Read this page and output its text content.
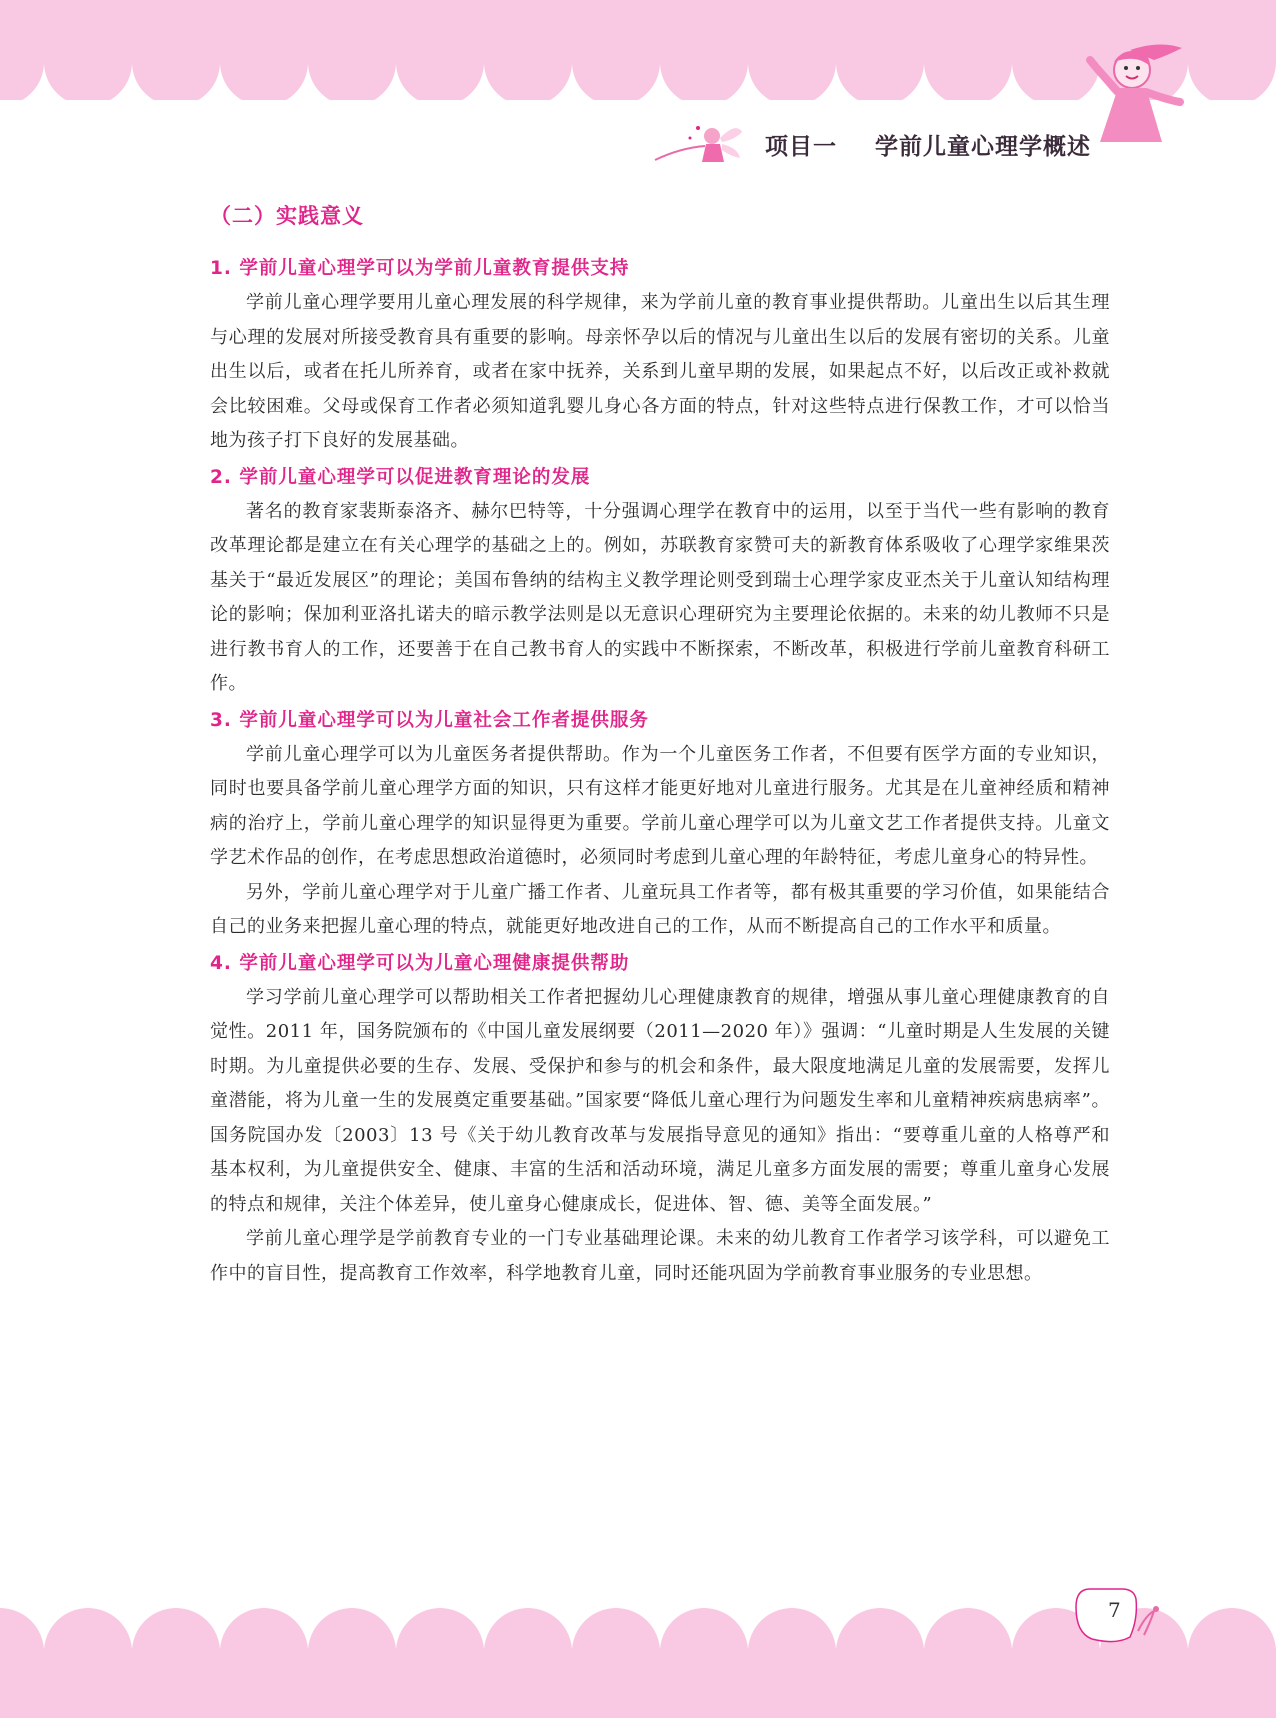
项目一 学前儿童心理学概述
（二）实践意义
1. 学前儿童心理学可以为学前儿童教育提供支持

学前儿童心理学要用儿童心理发展的科学规律，来为学前儿童的教育事业提供帮助。儿童出生以后其生理与心理的发展对所接受教育具有重要的影响。母亲怀孕以后的情况与儿童出生以后的发展有密切的关系。儿童出生以后，或者在托儿所养育，或者在家中抚养，关系到儿童早期的发展，如果起点不好，以后改正或补救就会比较困难。父母或保育工作者必须知道乳婴儿身心各方面的特点，针对这些特点进行保教工作，才可以恰当地为孩子打下良好的发展基础。

2. 学前儿童心理学可以促进教育理论的发展

著名的教育家裴斯泰洛齐、赫尔巴特等，十分强调心理学在教育中的运用，以至于当代一些有影响的教育改革理论都是建立在有关心理学的基础之上的。例如，苏联教育家赞可夫的新教育体系吸收了心理学家维果茨基关于“最近发展区”的理论；美国布鲁纳的结构主义教学理论则受到瑞士心理学家皮亚杰关于儿童认知结构理论的影响；保加利亚洛扎诺夫的暗示教学法则是以无意识心理研究为主要理论依据的。未来的幼儿教师不只是进行教书育人的工作，还要善于在自己教书育人的实践中不断探索，不断改革，积极进行学前儿童教育科研工作。

3. 学前儿童心理学可以为儿童社会工作者提供服务

学前儿童心理学可以为儿童医务者提供帮助。作为一个儿童医务工作者，不但要有医学方面的专业知识，同时也要具备学前儿童心理学方面的知识，只有这样才能更好地对儿童进行服务。尤其是在儿童神经质和精神病的治疗上，学前儿童心理学的知识显得更为重要。学前儿童心理学可以为儿童文艺工作者提供支持。儿童文学艺术作品的创作，在考虑思想政治道德时，必须同时考虑到儿童心理的年龄特征，考虑儿童身心的特异性。

另外，学前儿童心理学对于儿童广播工作者、儿童玩具工作者等，都有极其重要的学习价值，如果能结合自己的业务来把握儿童心理的特点，就能更好地改进自己的工作，从而不断提高自己的工作水平和质量。

4. 学前儿童心理学可以为儿童心理健康提供帮助

学习学前儿童心理学可以帮助相关工作者把握幼儿心理健康教育的规律，增强从事儿童心理健康教育的自觉性。2011 年，国务院颁布的《中国儿童发展纲要（2011—2020 年）》强调：“儿童时期是人生发展的关键时期。为儿童提供必要的生存、发展、受保护和参与的机会和条件，最大限度地满足儿童的发展需要，发挥儿童潜能，将为儿童一生的发展奠定重要基础。”国家要“降低儿童心理行为问题发生率和儿童精神疾病患病率”。国务院国办发〔2003〕13 号《关于幼儿教育改革与发展指导意见的通知》指出：“要尊重儿童的人格尊严和基本权利，为儿童提供安全、健康、丰富的生活和活动环境，满足儿童多方面发展的需要；尊重儿童身心发展的特点和规律，关注个体差异，使儿童身心健康成长，促进体、智、德、美等全面发展。”

学前儿童心理学是学前教育专业的一门专业基础理论课。未来的幼儿教育工作者学习该学科，可以避免工作中的盲目性，提高教育工作效率，科学地教育儿童，同时还能巩固为学前教育事业服务的专业思想。

7
